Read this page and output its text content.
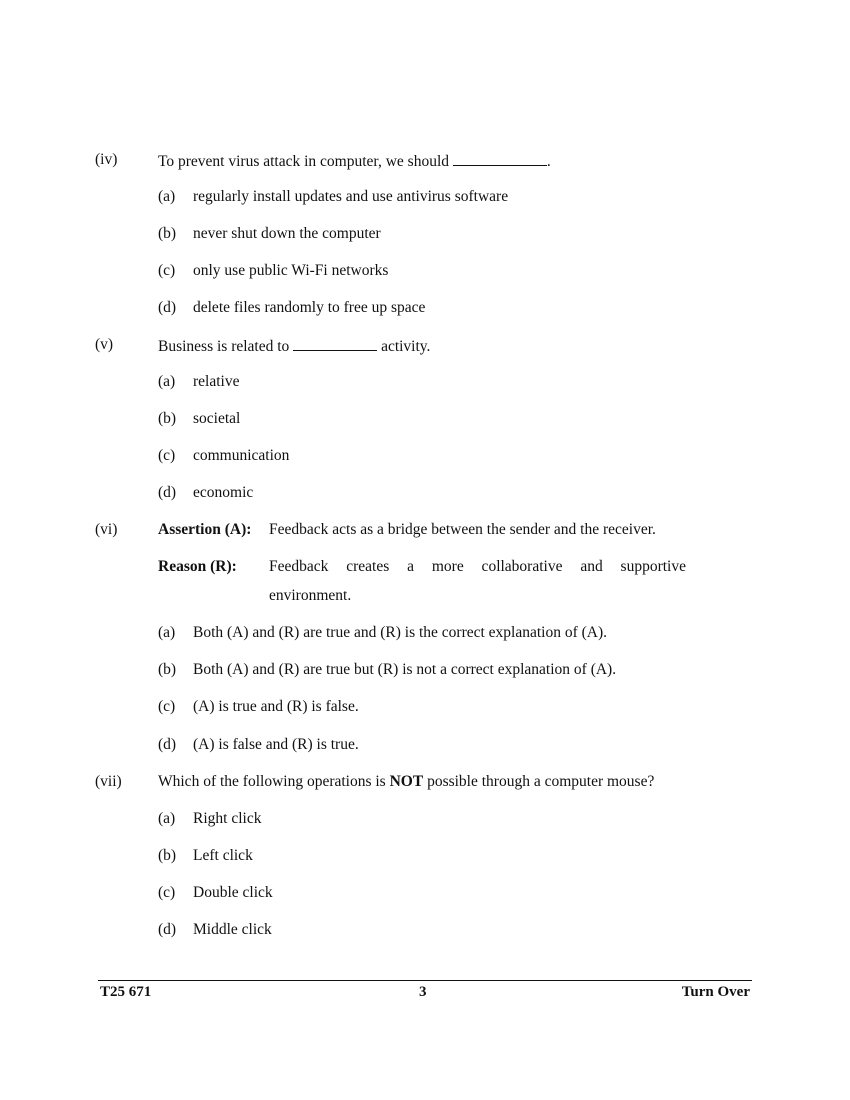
(iv)	To prevent virus attack in computer, we should	.
(a) regularly install updates and use antivirus software
(b) never shut down the computer
(c) only use public Wi-Fi networks
(d) delete files randomly to free up space
(v)	Business is related to	activity.
(a) relative
(b) societal
(c) communication
(d) economic
(vi)	Assertion (A): Feedback acts as a bridge between the sender and the receiver.
Reason (R): Feedback creates a more collaborative and supportive environment.
(a) Both (A) and (R) are true and (R) is the correct explanation of (A).
(b) Both (A) and (R) are true but (R) is not a correct explanation of (A).
(c) (A) is true and (R) is false.
(d) (A) is false and (R) is true.
(vii) Which of the following operations is NOT possible through a computer mouse?
(a) Right click
(b) Left click
(c) Double click
(d) Middle click
T25 671	3	Turn Over
